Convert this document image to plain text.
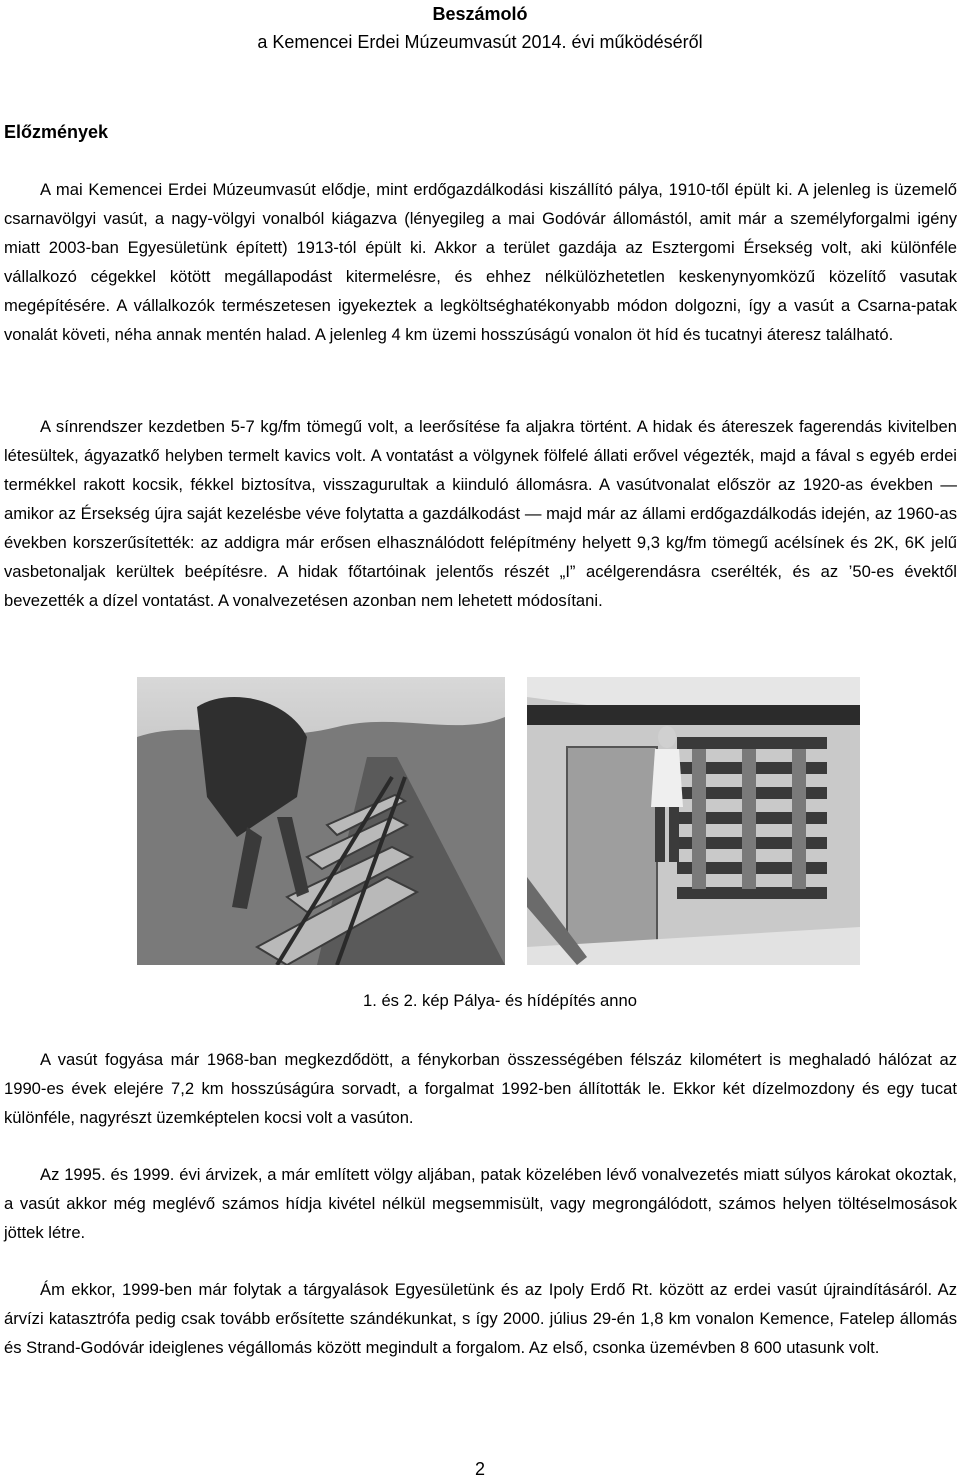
Beszámoló
a Kemencei Erdei Múzeumvasút 2014. évi működéséről
Előzmények

A mai Kemencei Erdei Múzeumvasút elődje, mint erdőgazdálkodási kiszállító pálya, 1910-től épült ki. A jelenleg is üzemelő csarnavölgyi vasút, a nagy-völgyi vonalból kiágazva (lényegileg a mai Godóvár állomástól, amit már a személyforgalmi igény miatt 2003-ban Egyesületünk épített) 1913-tól épült ki. Akkor a terület gazdája az Esztergomi Érsekség volt, aki különféle vállalkozó cégekkel kötött megállapodást kitermelésre, és ehhez nélkülözhetetlen keskenynyomközű közelítő vasutak megépítésére. A vállalkozók természetesen igyekeztek a legköltséghatékonyabb módon dolgozni, így a vasút a Csarna-patak vonalát követi, néha annak mentén halad. A jelenleg 4 km üzemi hosszúságú vonalon öt híd és tucatnyi áteresz található.

A sínrendszer kezdetben 5-7 kg/fm tömegű volt, a leerősítése fa aljakra történt. A hidak és átereszek fagerendás kivitelben létesültek, ágyazatkő helyben termelt kavics volt. A vontatást a völgynek fölfelé állati erővel végezték, majd a fával s egyéb erdei termékkel rakott kocsik, fékkel biztosítva, visszagurultak a kiinduló állomásra. A vasútvonalat először az 1920-as években — amikor az Érsekség újra saját kezelésbe véve folytatta a gazdálkodást — majd már az állami erdőgazdálkodás idején, az 1960-as években korszerűsítették: az addigra már erősen elhasználódott felépítmény helyett 9,3 kg/fm tömegű acélsínek és 2K, 6K jelű vasbetonaljak kerültek beépítésre. A hidak főtartóinak jelentős részét „I” acélgerendásra cserélték, és az ’50-es évektől bevezették a dízel vontatást. A vonalvezetésen azonban nem lehetett módosítani.

1. és 2. kép Pálya- és hídépítés anno

A vasút fogyása már 1968-ban megkezdődött, a fénykorban összességében félszáz kilométert is meghaladó hálózat az 1990-es évek elejére 7,2 km hosszúságúra sorvadt, a forgalmat 1992-ben állították le. Ekkor két dízelmozdony és egy tucat különféle, nagyrészt üzemképtelen kocsi volt a vasúton.

Az 1995. és 1999. évi árvizek, a már említett völgy aljában, patak közelében lévő vonalvezetés miatt súlyos károkat okoztak, a vasút akkor még meglévő számos hídja kivétel nélkül megsemmisült, vagy megrongálódott, számos helyen töltéselmosások jöttek létre.

Ám ekkor, 1999-ben már folytak a tárgyalások Egyesületünk és az Ipoly Erdő Rt. között az erdei vasút újraindításáról. Az árvízi katasztrófa pedig csak tovább erősítette szándékunkat, s így 2000. július 29-én 1,8 km vonalon Kemence, Fatelep állomás és Strand-Godóvár ideiglenes végállomás között megindult a forgalom. Az első, csonka üzemévben 8 600 utasunk volt.

2
